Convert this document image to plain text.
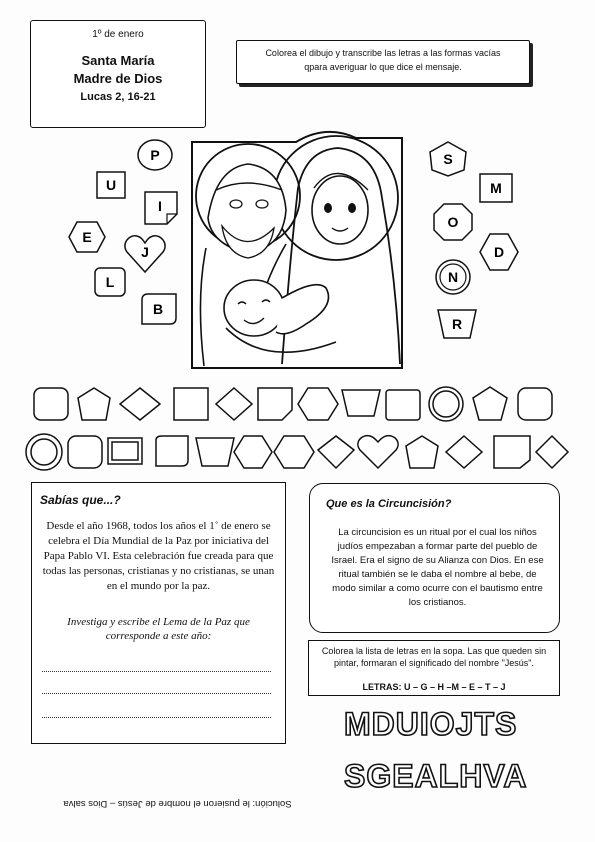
1º de enero
Santa María
Madre de Dios
Lucas 2, 16-21
Colorea el dibujo y transcribe las letras a las formas vacías
qpara averiguar lo que dice el mensaje.
P
U
I
E
J
L
B
S
M
O
D
N
R
Sabías que...?
Desde el año 1968, todos los años el 1˚ de enero se celebra el Día Mundial de la Paz por iniciativa del Papa Pablo VI. Esta celebración fue creada para que todas las personas, cristianas y no cristianas, se unan en el mundo por la paz.
Investiga y escribe el Lema de la Paz que corresponde a este año:
Que es la Circuncisión?
La circuncision es un ritual por el cual los niños judíos empezaban a formar parte del pueblo de Israel. Era el signo de su Alianza con Dios. En ese ritual también se le daba el nombre al bebe, de modo similar a como ocurre con el bautismo entre los cristianos.
Colorea la lista de letras en la sopa. Las que queden sin pintar, formaran el significado del nombre "Jesús".
LETRAS: U – G – H –M – E – T – J
MDUIOJTS
SGEALHVA
Solución: le pusieron el nombre de Jesús – Dios salva
